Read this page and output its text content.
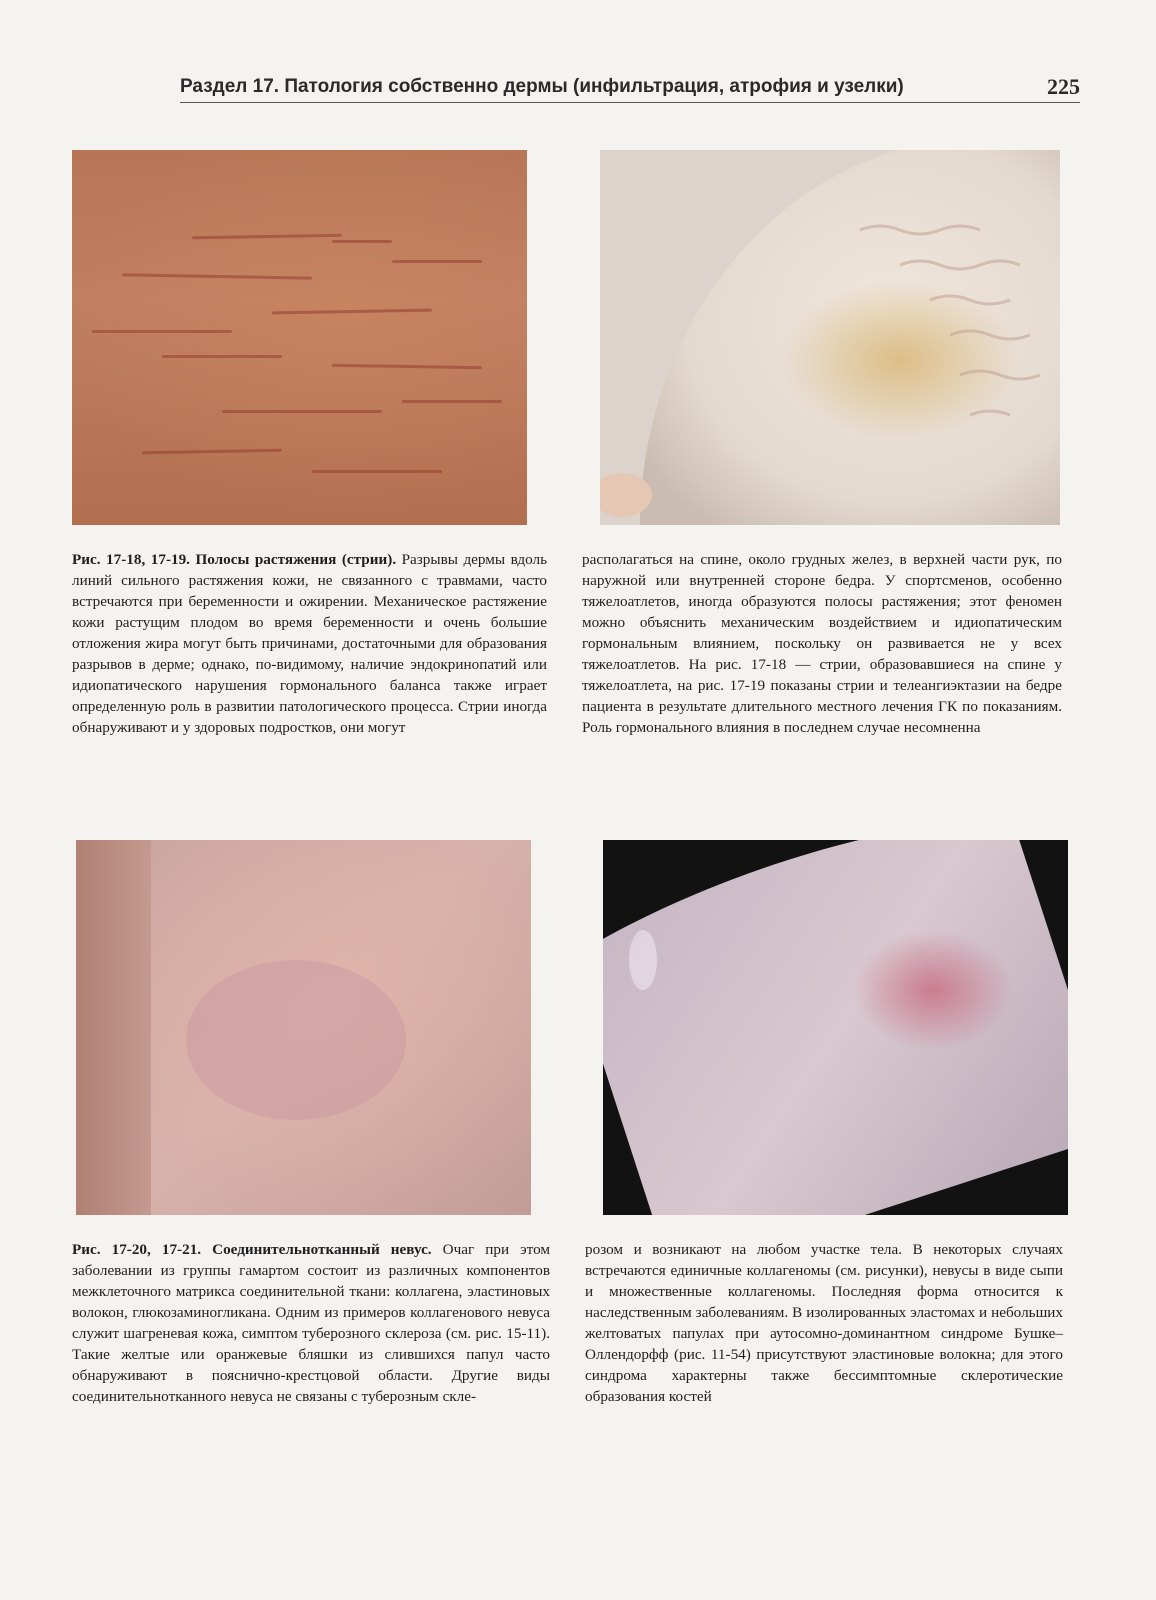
Раздел 17. Патология собственно дермы (инфильтрация, атрофия и узелки)	225
Рис. 17-18, 17-19. Полосы растяжения (стрии). Разрывы дермы вдоль линий сильного растяжения кожи, не связанного с травмами, часто встречаются при беременности и ожирении. Механическое растяжение кожи растущим плодом во время беременности и очень большие отложения жира могут быть причинами, достаточными для образования разрывов в дерме; однако, по-видимому, наличие эндокринопатий или идиопатического нарушения гормонального баланса также играет определенную роль в развитии патологического процесса. Стрии иногда обнаруживают и у здоровых подростков, они могут
располагаться на спине, около грудных желез, в верхней части рук, по наружной или внутренней стороне бедра. У спортсменов, особенно тяжелоатлетов, иногда образуются полосы растяжения; этот феномен можно объяснить механическим воздействием и идиопатическим гормональным влиянием, поскольку он развивается не у всех тяжелоатлетов. На рис. 17-18 — стрии, образовавшиеся на спине у тяжелоатлета, на рис. 17-19 показаны стрии и телеангиэктазии на бедре пациента в результате длительного местного лечения ГК по показаниям. Роль гормонального влияния в последнем случае несомненна
Рис. 17-20, 17-21. Соединительнотканный невус. Очаг при этом заболевании из группы гамартом состоит из различных компонентов межклеточного матрикса соединительной ткани: коллагена, эластиновых волокон, глюкозаминогликана. Одним из примеров коллагенового невуса служит шагреневая кожа, симптом туберозного склероза (см. рис. 15-11). Такие желтые или оранжевые бляшки из слившихся папул часто обнаруживают в пояснично-крестцовой области. Другие виды соединительнотканного невуса не связаны с туберозным скле-
розом и возникают на любом участке тела. В некоторых случаях встречаются единичные коллагеномы (см. рисунки), невусы в виде сыпи и множественные коллагеномы. Последняя форма относится к наследственным заболеваниям. В изолированных эластомах и небольших желтоватых папулах при аутосомно-доминантном синдроме Бушке–Оллендорфф (рис. 11-54) присутствуют эластиновые волокна; для этого синдрома характерны также бессимптомные склеротические образования костей
